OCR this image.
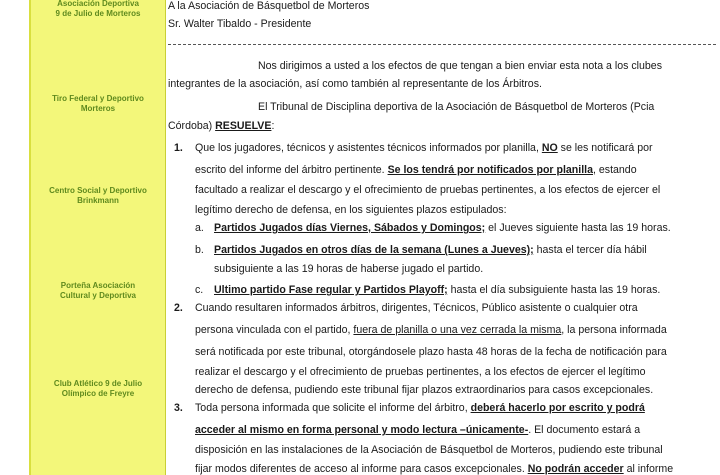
Asociación Deportiva
9 de Julio de Morteros
Tiro Federal y Deportivo
Morteros
Centro Social y Deportivo
Brinkmann
Porteña Asociación
Cultural y Deportiva
Club Atlético 9 de Julio
Olímpico de Freyre
A la Asociación de Básquetbol de Morteros
Sr. Walter Tibaldo - Presidente
Nos dirigimos a usted a los efectos de que tengan a bien enviar esta nota a los clubes
integrantes de la asociación, así como también al representante de los Árbitros.
El Tribunal de Disciplina deportiva de la Asociación de Básquetbol de Morteros (Pcia
Córdoba) RESUELVE:
1. Que los jugadores, técnicos y asistentes técnicos informados por planilla, NO se les notificará por
escrito del informe del árbitro pertinente. Se los tendrá por notificados por planilla, estando
facultado a realizar el descargo y el ofrecimiento de pruebas pertinentes, a los efectos de ejercer el
legítimo derecho de defensa, en los siguientes plazos estipulados:
a. Partidos Jugados días Viernes, Sábados y Domingos; el Jueves siguiente hasta las 19 horas.
b. Partidos Jugados en otros días de la semana (Lunes a Jueves); hasta el tercer día hábil
subsiguiente a las 19 horas de haberse jugado el partido.
c. Ultimo partido Fase regular y Partidos Playoff; hasta el día subsiguiente hasta las 19 horas.
2. Cuando resultaren informados árbitros, dirigentes, Técnicos, Público asistente o cualquier otra
persona vinculada con el partido, fuera de planilla o una vez cerrada la misma, la persona informada
será notificada por este tribunal, otorgándosele plazo hasta 48 horas de la fecha de notificación para
realizar el descargo y el ofrecimiento de pruebas pertinentes, a los efectos de ejercer el legítimo
derecho de defensa, pudiendo este tribunal fijar plazos extraordinarios para casos excepcionales.
3. Toda persona informada que solicite el informe del árbitro, deberá hacerlo por escrito y podrá
acceder al mismo en forma personal y modo lectura –únicamente-. El documento estará a
disposición en las instalaciones de la Asociación de Básquetbol de Morteros, pudiendo este tribunal
fijar modos diferentes de acceso al informe para casos excepcionales. No podrán acceder al informe
